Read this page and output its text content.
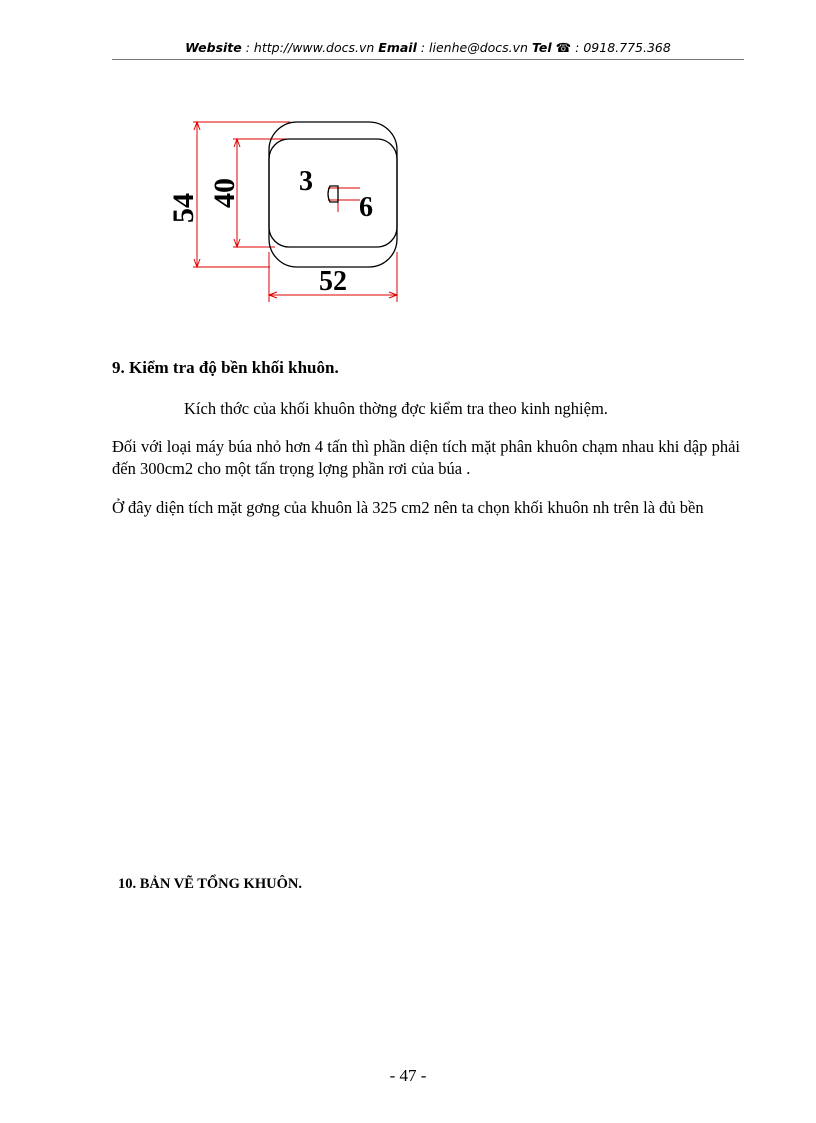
Website : http://www.docs.vn Email : lienhe@docs.vn Tel ☎ : 0918.775.368
54 40
52
3
6
9. Kiểm tra độ bền khối khuôn.
Kích thớc của khối khuôn thờng đợc kiểm tra theo kinh nghiệm.
Đối với loại máy búa nhỏ hơn 4 tấn thì phần diện tích mặt phân khuôn chạm nhau khi dập phải đến 300cm2 cho một tấn trọng lợng phần rơi của búa .
Ở đây diện tích mặt gơng của khuôn là 325 cm2 nên ta chọn khối khuôn nh trên là đủ bền
10. BẢN VẼ TỔNG KHUÔN.
- 47 -
